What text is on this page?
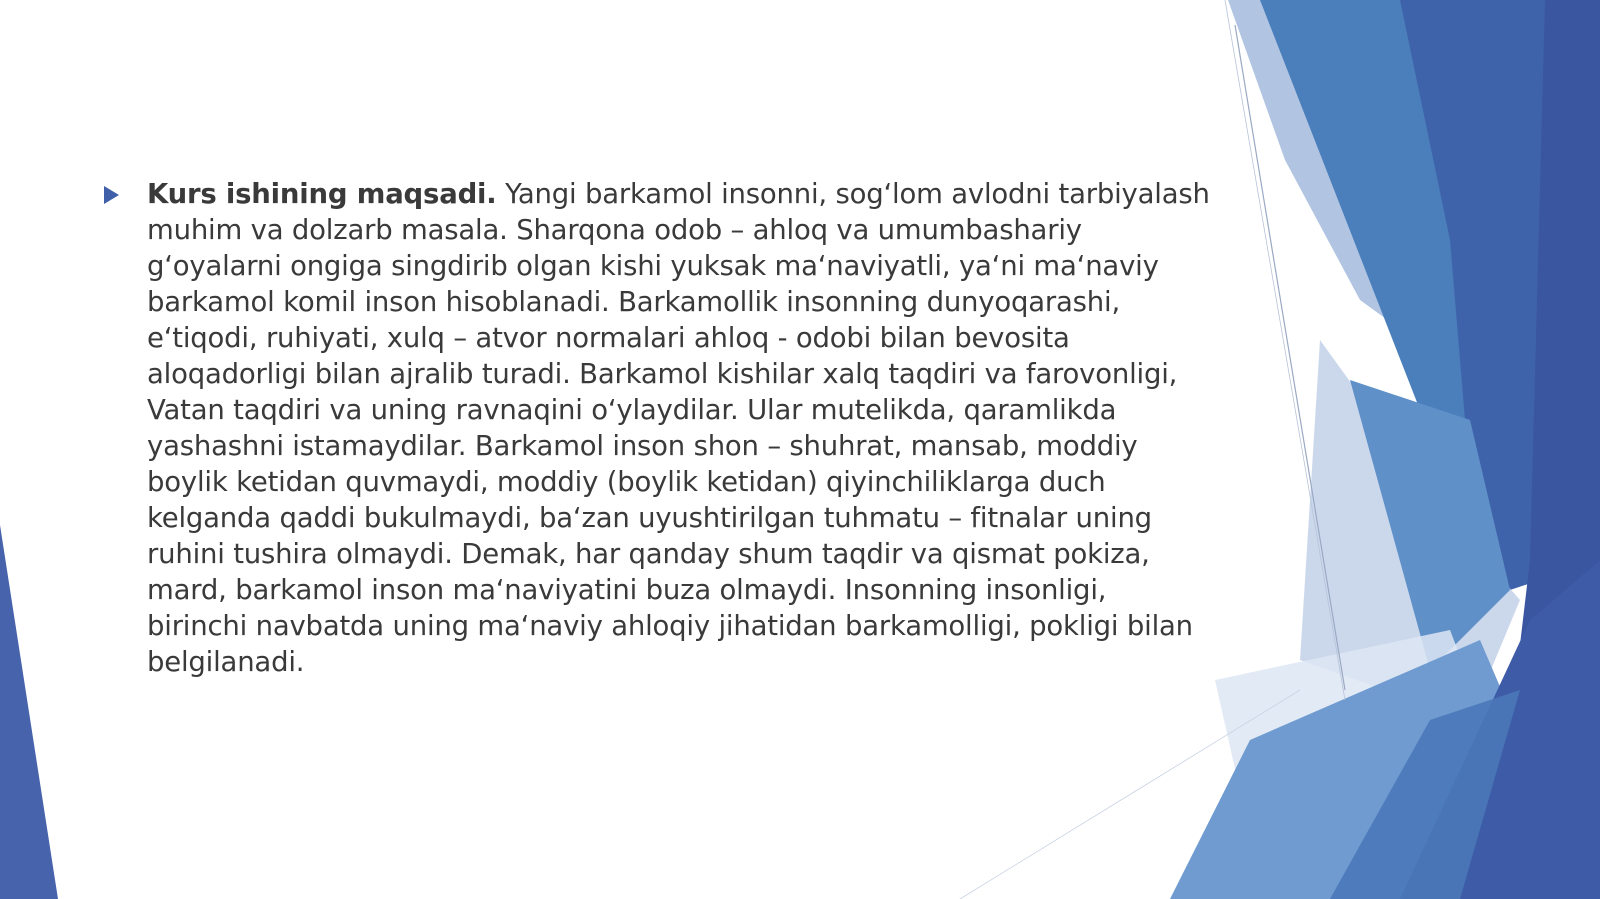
Kurs ishining maqsadi. Yangi barkamol insonni, sog‘lom avlodni tarbiyalash muhim va dolzarb masala. Sharqona odob – ahloq va umumbashariy g‘oyalarni ongiga singdirib olgan kishi yuksak ma‘naviyatli, ya‘ni ma‘naviy barkamol komil inson hisoblanadi. Barkamollik insonning dunyoqarashi, e‘tiqodi, ruhiyati, xulq – atvor normalari ahloq - odobi bilan bevosita aloqadorligi bilan ajralib turadi. Barkamol kishilar xalq taqdiri va farovonligi, Vatan taqdiri va uning ravnaqini o‘ylaydilar. Ular mutelikda, qaramlikda yashashni istamaydilar. Barkamol inson shon – shuhrat, mansab, moddiy boylik ketidan quvmaydi, moddiy (boylik ketidan) qiyinchiliklarga duch kelganda qaddi bukulmaydi, ba‘zan uyushtirilgan tuhmatu – fitnalar uning ruhini tushira olmaydi. Demak, har qanday shum taqdir va qismat pokiza, mard, barkamol inson ma‘naviyatini buza olmaydi. Insonning insonligi, birinchi navbatda uning ma‘naviy ahloqiy jihatidan barkamolligi, pokligi bilan belgilanadi.
